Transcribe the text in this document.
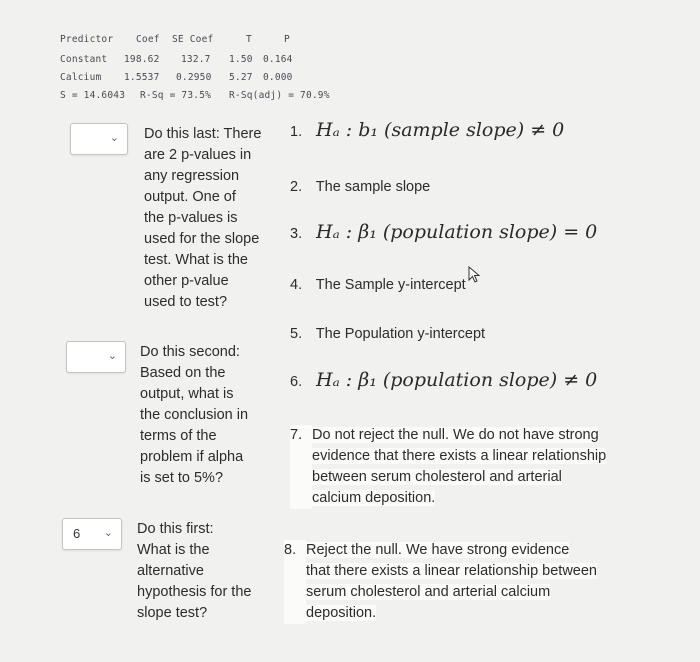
Predictor Coef SE Coef	T	P
Constant 198.62 132.7 1.50 0.164
Calcium 1.5537 0.2950 5.27 0.000
S = 14.6043 R-Sq = 73.5% R-Sq(adj) = 70.9%
⌄ Do this last: There
are 2 p-values in
any regression
output. One of
the p-values is
used for the slope
test. What is the
other p-value
used to test?
⌄ Do this second:
Based on the
output, what is
the conclusion in
terms of the
problem if alpha
is set to 5%?
6 ⌄ Do this first:
What is the
alternative
hypothesis for the
slope test?
1. Hₐ : b₁ (sample slope) ≠ 0
2. The sample slope
3. Hₐ : β₁ (population slope) = 0
4. The Sample y-intercept
5. The Population y-intercept
6. Hₐ : β₁ (population slope) ≠ 0
7. Do not reject the null. We do not have strong
evidence that there exists a linear relationship
between serum cholesterol and arterial
calcium deposition.
8. Reject the null. We have strong evidence
that there exists a linear relationship between
serum cholesterol and arterial calcium
deposition.
